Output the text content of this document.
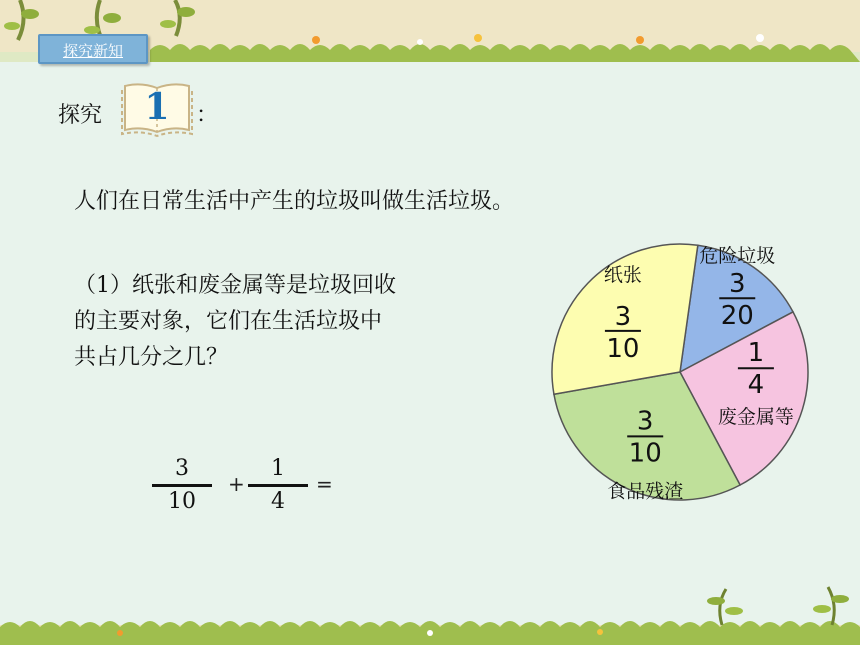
探究新知
探究	1	：
人们在日常生活中产生的垃圾叫做生活垃圾。
（1）纸张和废金属等是垃圾回收
的主要对象，它们在生活垃圾中
共占几分之几？
3
10
+
1
4
=
危险垃圾
3
20
废金属等
1
4
食品残渣
3
10
纸张
3
10
